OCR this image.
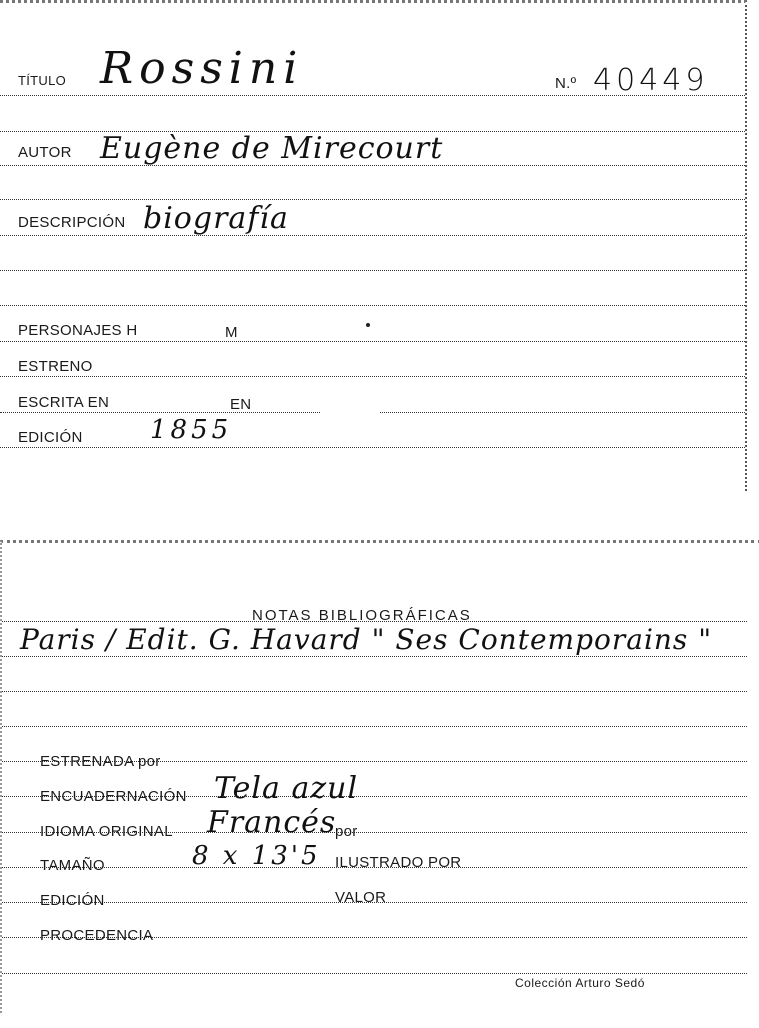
TÍTULO Rossini	N.º 40449
AUTOR Eugène de Mirecourt
DESCRIPCIÓN biografía
PERSONAJES H	M
ESTRENO
ESCRITA EN	EN
EDICIÓN	1855
NOTAS BIBLIOGRÁFICAS
Paris / Edit. G. Havard " Ses Contemporains "
ESTRENADA por
ENCUADERNACIÓN Tela azul
IDIOMA ORIGINAL Francés
por
TAMAÑO	8 x 13'5 ILUSTRADO POR
EDICIÓN	VALOR
PROCEDENCIA
Colección Arturo Sedó
